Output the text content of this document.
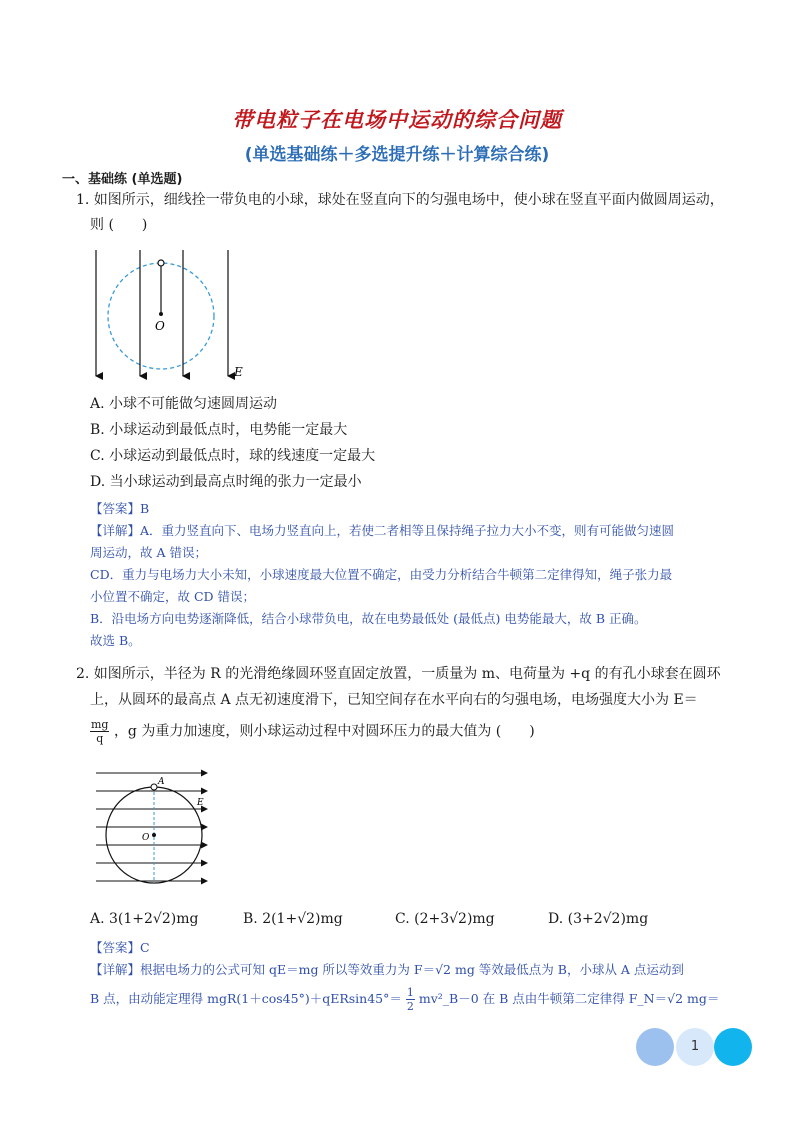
带电粒子在电场中运动的综合问题
(单选基础练＋多选提升练＋计算综合练)
一、基础练 (单选题)
1. 如图所示，细线拴一带负电的小球，球处在竖直向下的匀强电场中，使小球在竖直平面内做圆周运动，
则 (　　)
O
E
A. 小球不可能做匀速圆周运动
B. 小球运动到最低点时，电势能一定最大
C. 小球运动到最低点时，球的线速度一定最大
D. 当小球运动到最高点时绳的张力一定最小
【答案】B
【详解】A．重力竖直向下、电场力竖直向上，若使二者相等且保持绳子拉力大小不变，则有可能做匀速圆
周运动，故 A 错误；
CD．重力与电场力大小未知，小球速度最大位置不确定，由受力分析结合牛顿第二定律得知，绳子张力最
小位置不确定，故 CD 错误；
B．沿电场方向电势逐渐降低，结合小球带负电，故在电势最低处 (最低点) 电势能最大，故 B 正确。
故选 B。
2. 如图所示，半径为 R 的光滑绝缘圆环竖直固定放置，一质量为 m、电荷量为 +q 的有孔小球套在圆环
上，从圆环的最高点 A 点无初速度滑下，已知空间存在水平向右的匀强电场，电场强度大小为 E＝
$\frac{mg}{q}$ ，g 为重力加速度，则小球运动过程中对圆环压力的最大值为 (　　)
A
O
E
A. 3(1+2√2)mg	B. 2(1+√2)mg	C. (2+3√2)mg	D. (3+2√2)mg
【答案】C
【详解】根据电场力的公式可知 qE＝mg 所以等效重力为 F＝√2 mg 等效最低点为 B，小球从 A 点运动到
B 点，由动能定理得 $mgR(1+\cos 45^\circ)+qERsin45^\circ= \frac{1}{2}$ mv²_B－0 在 B 点由牛顿第二定律得 F_N＝√2 mg＝
1
